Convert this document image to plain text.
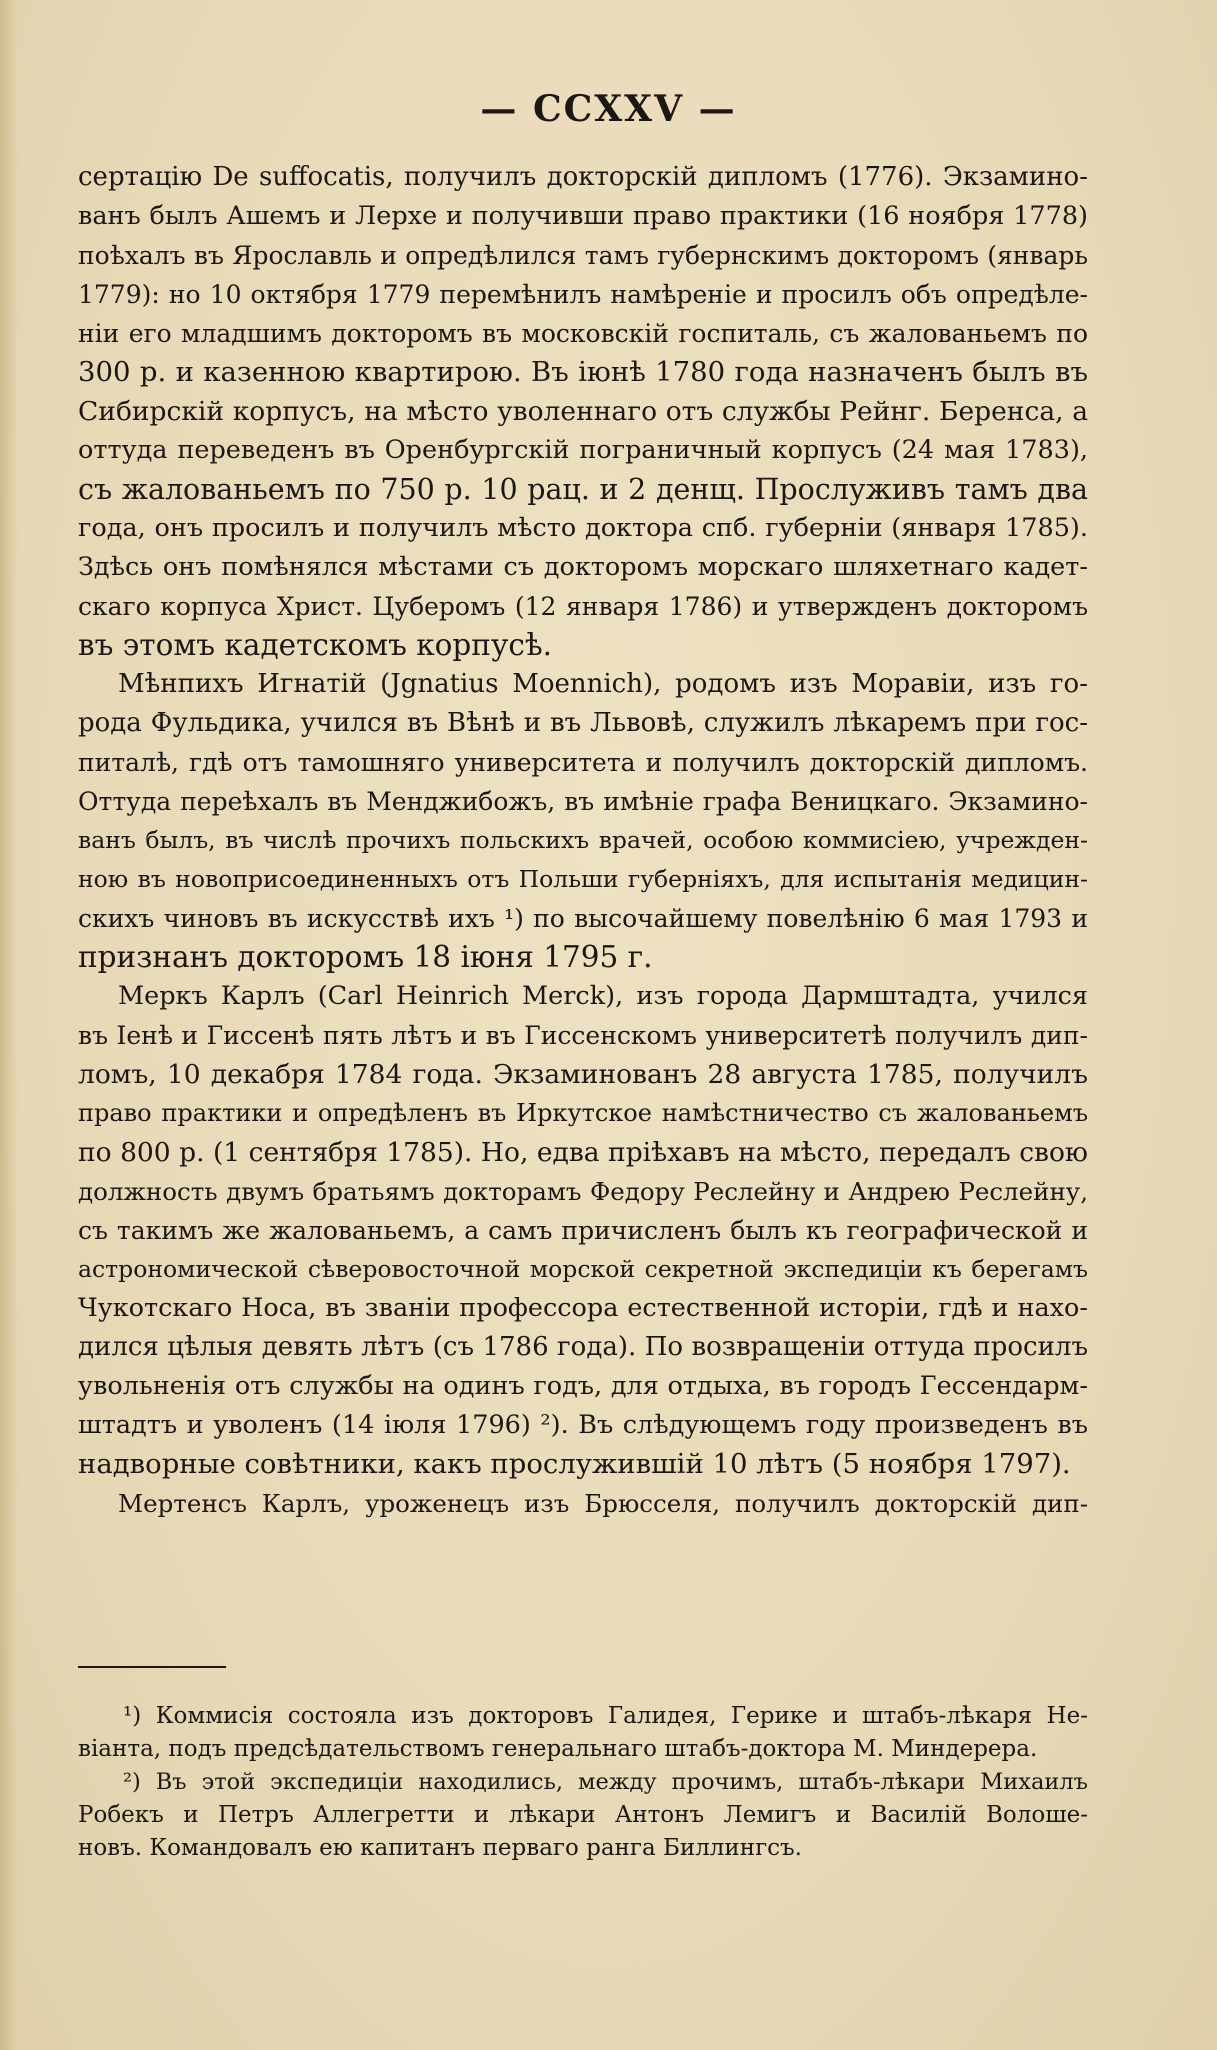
— CCXXV —
сертацію De suffocatis, получилъ докторскій дипломъ (1776). Экзамино-
ванъ былъ Ашемъ и Лерхе и получивши право практики (16 ноября 1778)
поѣхалъ въ Ярославль и опредѣлился тамъ губернскимъ докторомъ (январь
1779): но 10 октября 1779 перемѣнилъ намѣреніе и просилъ объ опредѣле-
ніи его младшимъ докторомъ въ московскій госпиталь, съ жалованьемъ по
300 р. и казенною квартирою. Въ іюнѣ 1780 года назначенъ былъ въ
Сибирскій корпусъ, на мѣсто уволеннаго отъ службы Рейнг. Беренса, а
оттуда переведенъ въ Оренбургскій пограничный корпусъ (24 мая 1783),
съ жалованьемъ по 750 р. 10 рац. и 2 денщ. Прослуживъ тамъ два
года, онъ просилъ и получилъ мѣсто доктора спб. губерніи (января 1785).
Здѣсь онъ помѣнялся мѣстами съ докторомъ морскаго шляхетнаго кадет-
скаго корпуса Христ. Цуберомъ (12 января 1786) и утвержденъ докторомъ
въ этомъ кадетскомъ корпусѣ.
Мѣнпихъ Игнатій (Jgnatius Moennich), родомъ изъ Моравіи, изъ го-
рода Фульдика, учился въ Вѣнѣ и въ Львовѣ, служилъ лѣкаремъ при гос-
питалѣ, гдѣ отъ тамошняго университета и получилъ докторскій дипломъ.
Оттуда переѣхалъ въ Менджибожъ, въ имѣніе графа Веницкаго. Экзамино-
ванъ былъ, въ числѣ прочихъ польскихъ врачей, особою коммисіею, учрежден-
ною въ новоприсоединенныхъ отъ Польши губерніяхъ, для испытанія медицин-
скихъ чиновъ въ искусствѣ ихъ ¹) по высочайшему повелѣнію 6 мая 1793 и
признанъ докторомъ 18 іюня 1795 г.
Меркъ Карлъ (Carl Heinrich Merck), изъ города Дармштадта, учился
въ Іенѣ и Гиссенѣ пять лѣтъ и въ Гиссенскомъ университетѣ получилъ дип-
ломъ, 10 декабря 1784 года. Экзаминованъ 28 августа 1785, получилъ
право практики и опредѣленъ въ Иркутское намѣстничество съ жалованьемъ
по 800 р. (1 сентября 1785). Но, едва пріѣхавъ на мѣсто, передалъ свою
должность двумъ братьямъ докторамъ Федору Реслейну и Андрею Реслейну,
съ такимъ же жалованьемъ, а самъ причисленъ былъ къ географической и
астрономической сѣверовосточной морской секретной экспедиціи къ берегамъ
Чукотскаго Носа, въ званіи профессора естественной исторіи, гдѣ и нахо-
дился цѣлыя девять лѣтъ (съ 1786 года). По возвращеніи оттуда просилъ
увольненія отъ службы на одинъ годъ, для отдыха, въ городъ Гессендарм-
штадтъ и уволенъ (14 іюля 1796) ²). Въ слѣдующемъ году произведенъ въ
надворные совѣтники, какъ прослужившій 10 лѣтъ (5 ноября 1797).
Мертенсъ Карлъ, уроженецъ изъ Брюсселя, получилъ докторскій дип-
¹) Коммисія состояла изъ докторовъ Галидея, Герике и штабъ-лѣкаря Не-
віанта, подъ предсѣдательствомъ генеральнаго штабъ-доктора М. Миндерера.
²) Въ этой экспедиціи находились, между прочимъ, штабъ-лѣкари Михаилъ
Робекъ и Петръ Аллегретти и лѣкари Антонъ Лемигъ и Василій Волоше-
новъ. Командовалъ ею капитанъ перваго ранга Биллингсъ.
